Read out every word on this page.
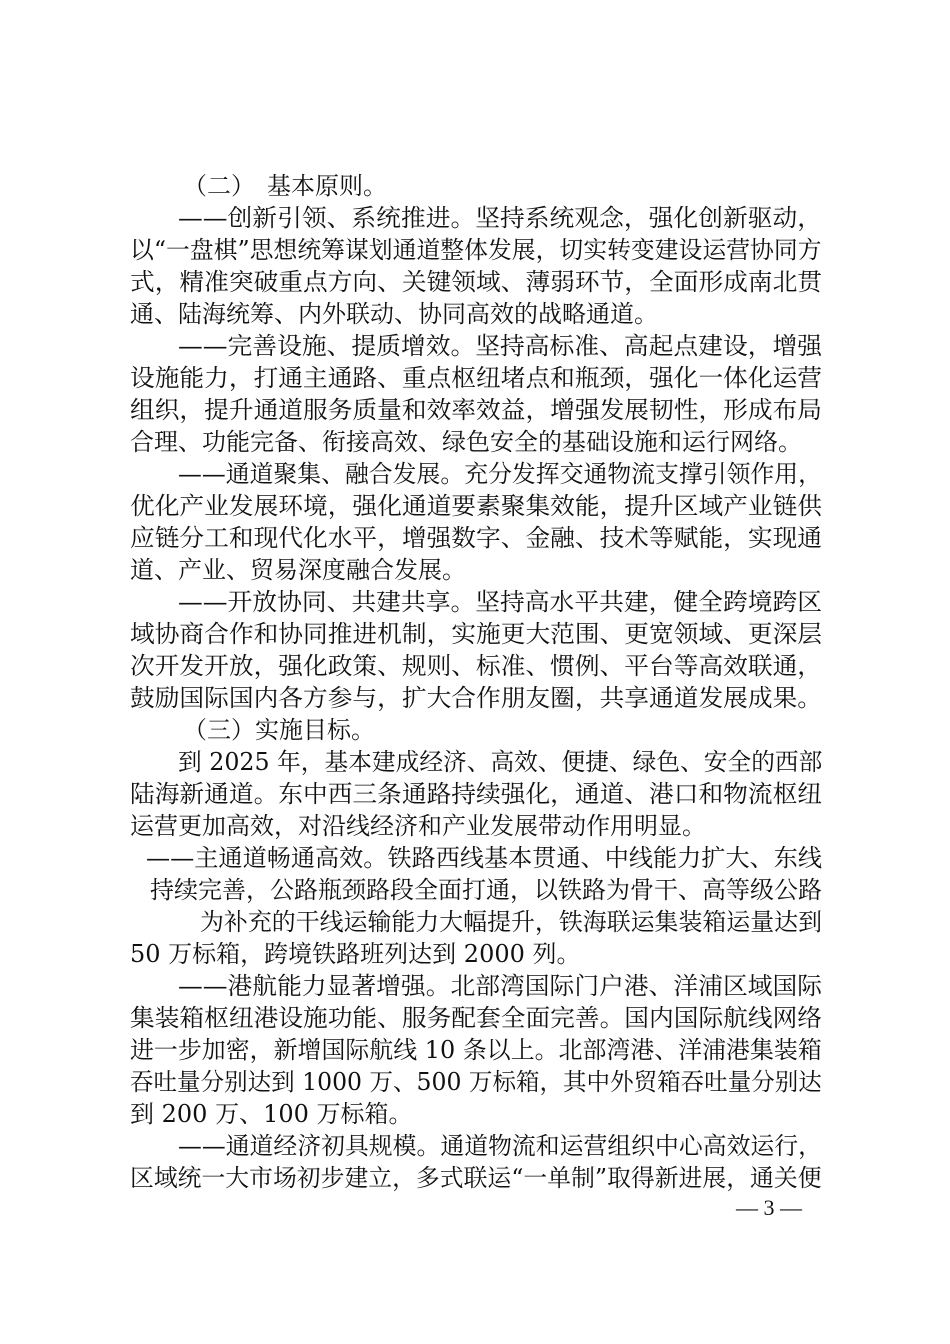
（二）　基本原则。
——创新引领、系统推进。坚持系统观念，强化创新驱动，
以“一盘棋”思想统筹谋划通道整体发展，切实转变建设运营协同方
式，精准突破重点方向、关键领域、薄弱环节，全面形成南北贯
通、陆海统筹、内外联动、协同高效的战略通道。
——完善设施、提质增效。坚持高标准、高起点建设，增强
设施能力，打通主通路、重点枢纽堵点和瓶颈，强化一体化运营
组织，提升通道服务质量和效率效益，增强发展韧性，形成布局
合理、功能完备、衔接高效、绿色安全的基础设施和运行网络。
——通道聚集、融合发展。充分发挥交通物流支撑引领作用，
优化产业发展环境，强化通道要素聚集效能，提升区域产业链供
应链分工和现代化水平，增强数字、金融、技术等赋能，实现通
道、产业、贸易深度融合发展。
——开放协同、共建共享。坚持高水平共建，健全跨境跨区
域协商合作和协同推进机制，实施更大范围、更宽领域、更深层
次开发开放，强化政策、规则、标准、惯例、平台等高效联通，
鼓励国际国内各方参与，扩大合作朋友圈，共享通道发展成果。
（三）实施目标。
到 2025 年，基本建成经济、高效、便捷、绿色、安全的西部
陆海新通道。东中西三条通路持续强化，通道、港口和物流枢纽
运营更加高效，对沿线经济和产业发展带动作用明显。
——主通道畅通高效。铁路西线基本贯通、中线能力扩大、东线
持续完善，公路瓶颈路段全面打通，以铁路为骨干、高等级公路
为补充的干线运输能力大幅提升，铁海联运集装箱运量达到
50 万标箱，跨境铁路班列达到 2000 列。
——港航能力显著增强。北部湾国际门户港、洋浦区域国际
集装箱枢纽港设施功能、服务配套全面完善。国内国际航线网络
进一步加密，新增国际航线 10 条以上。北部湾港、洋浦港集装箱
吞吐量分别达到 1000 万、500 万标箱，其中外贸箱吞吐量分别达
到 200 万、100 万标箱。
——通道经济初具规模。通道物流和运营组织中心高效运行，
区域统一大市场初步建立，多式联运“一单制”取得新进展，通关便
— 3 —
